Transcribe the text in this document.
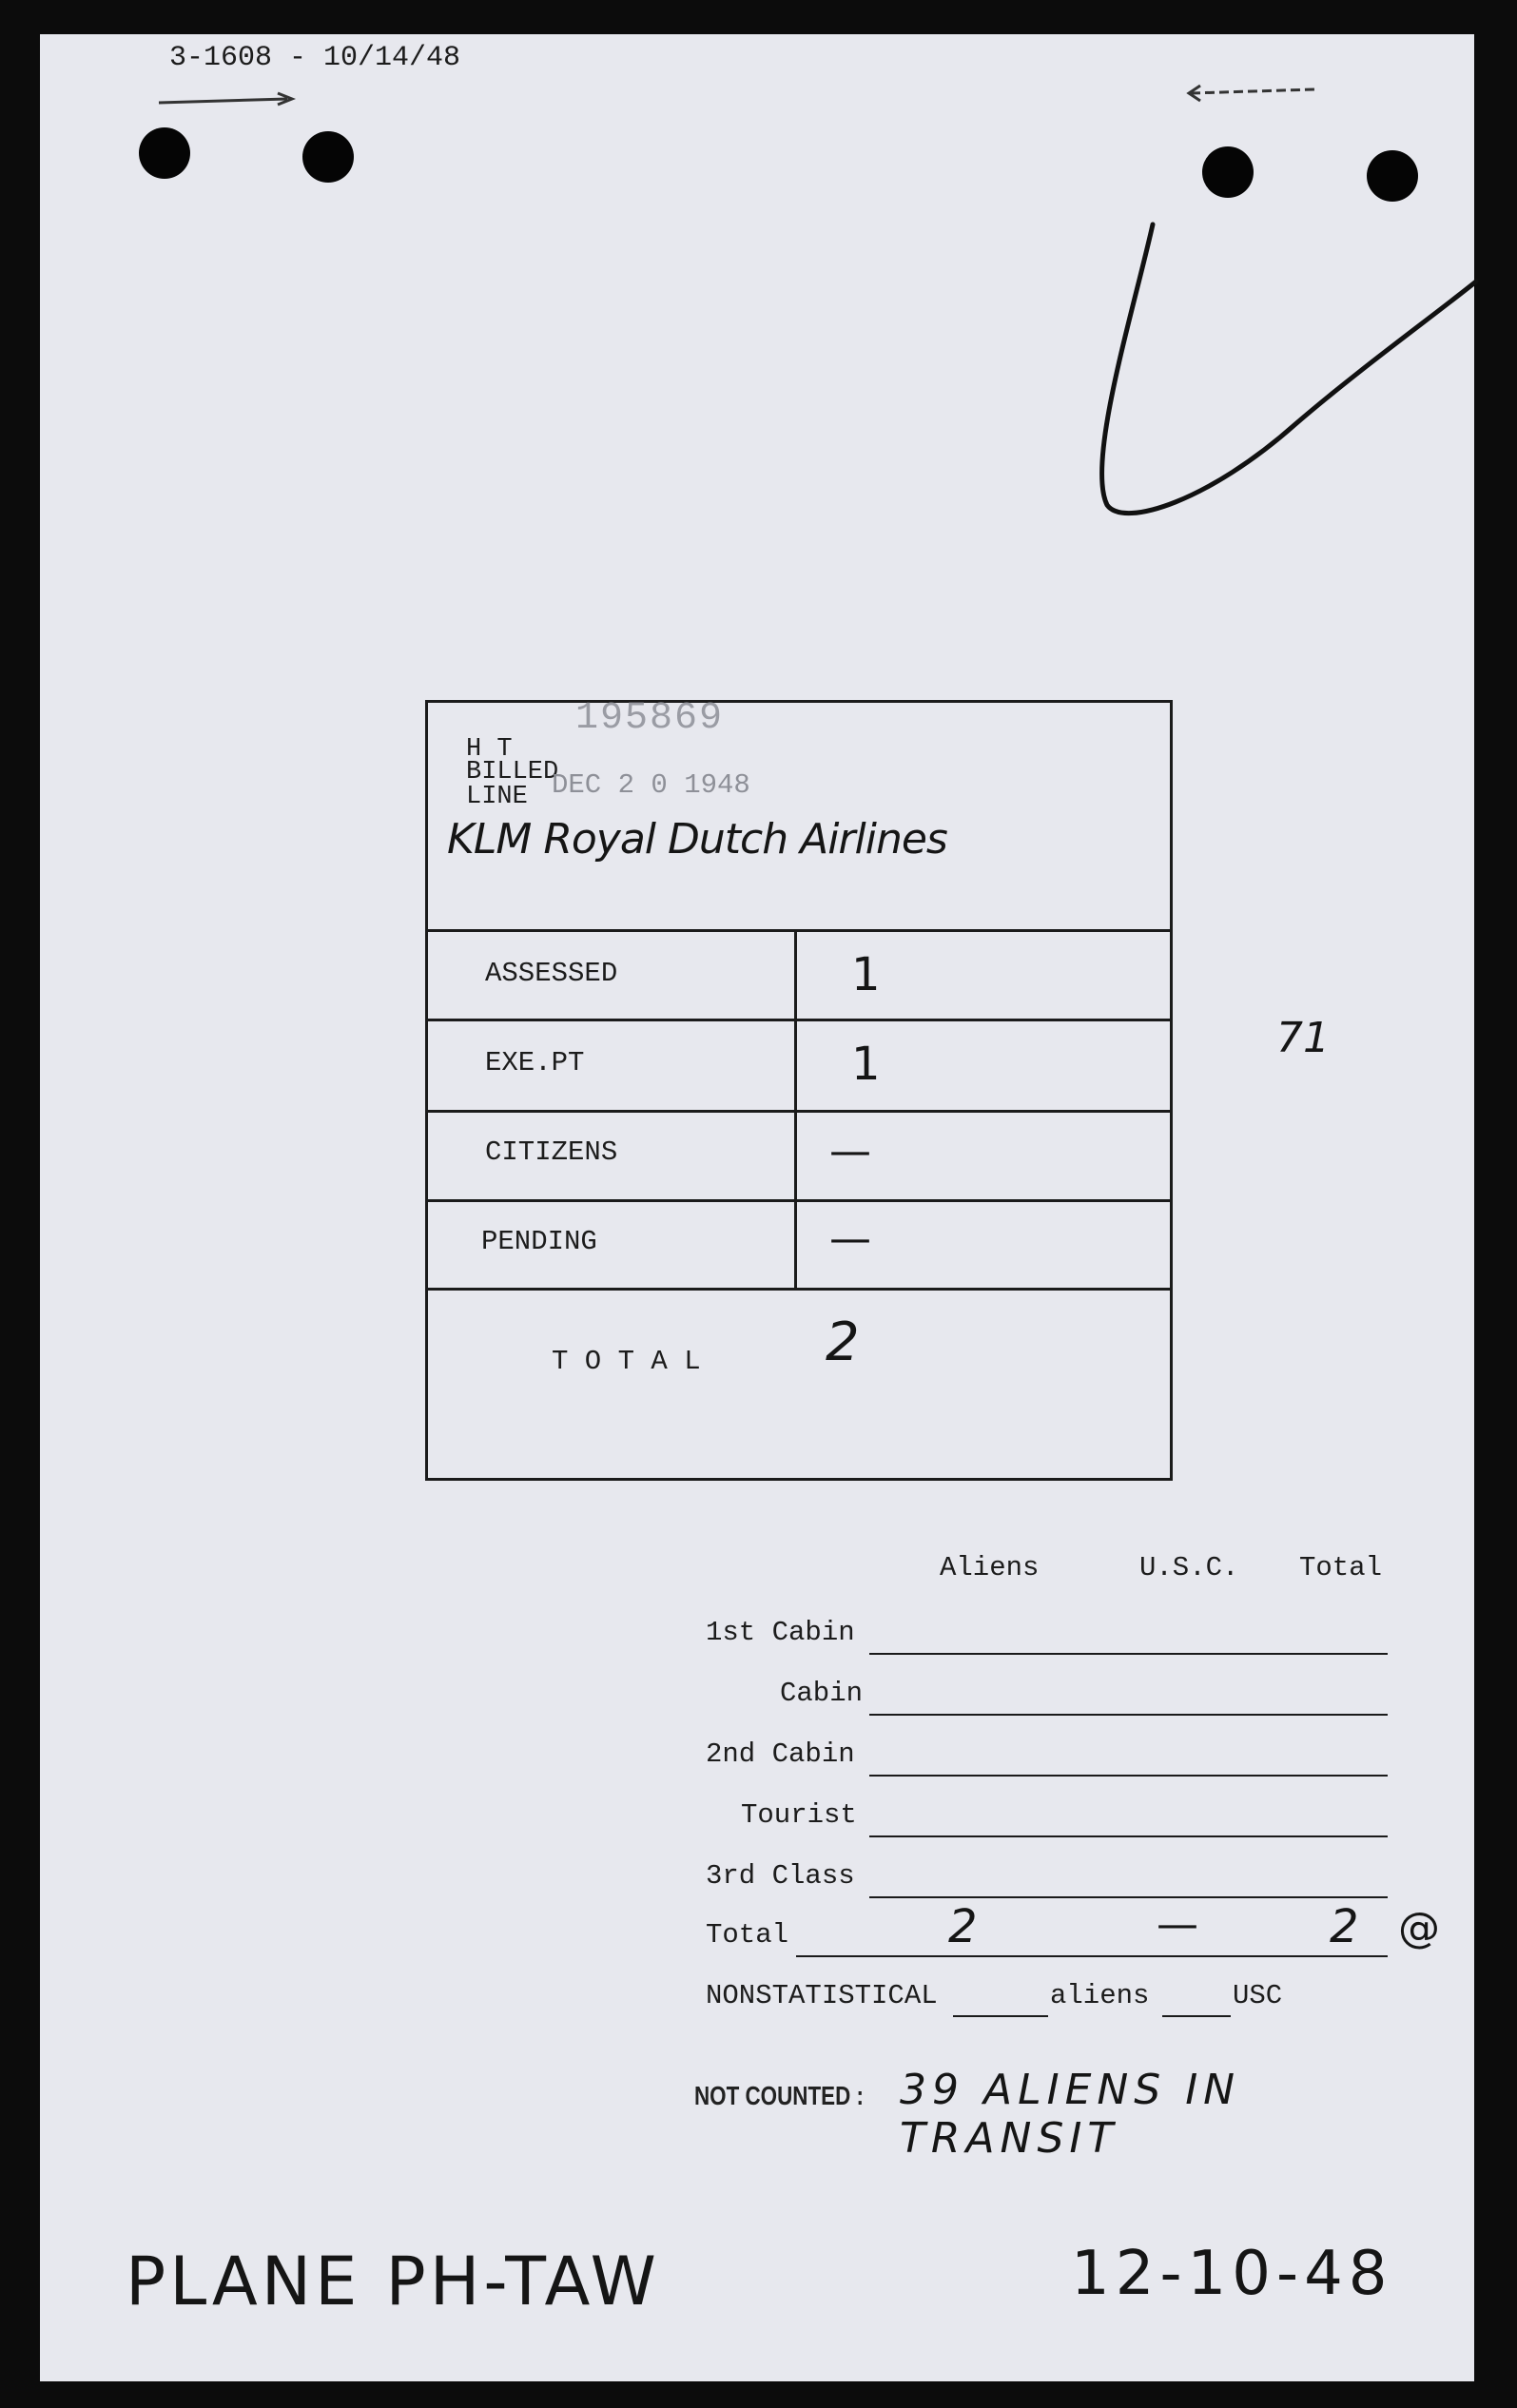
3-1608 - 10/14/48
195869
H T
BILLED
DEC 2 0 1948
LINE
KLM Royal Dutch Airlines
ASSESSED	1
EXE.PT	1
CITIZENS	—
PENDING	—
T O T A L 2
71
Aliens	U.S.C. Total
1st Cabin
Cabin
2nd Cabin
Tourist
3rd Class
Total	2	—	2 @
NONSTATISTICAL	aliens	USC
NOT COUNTED : 39 ALIENS IN TRANSIT
PLANE PH-TAW	12-10-48
